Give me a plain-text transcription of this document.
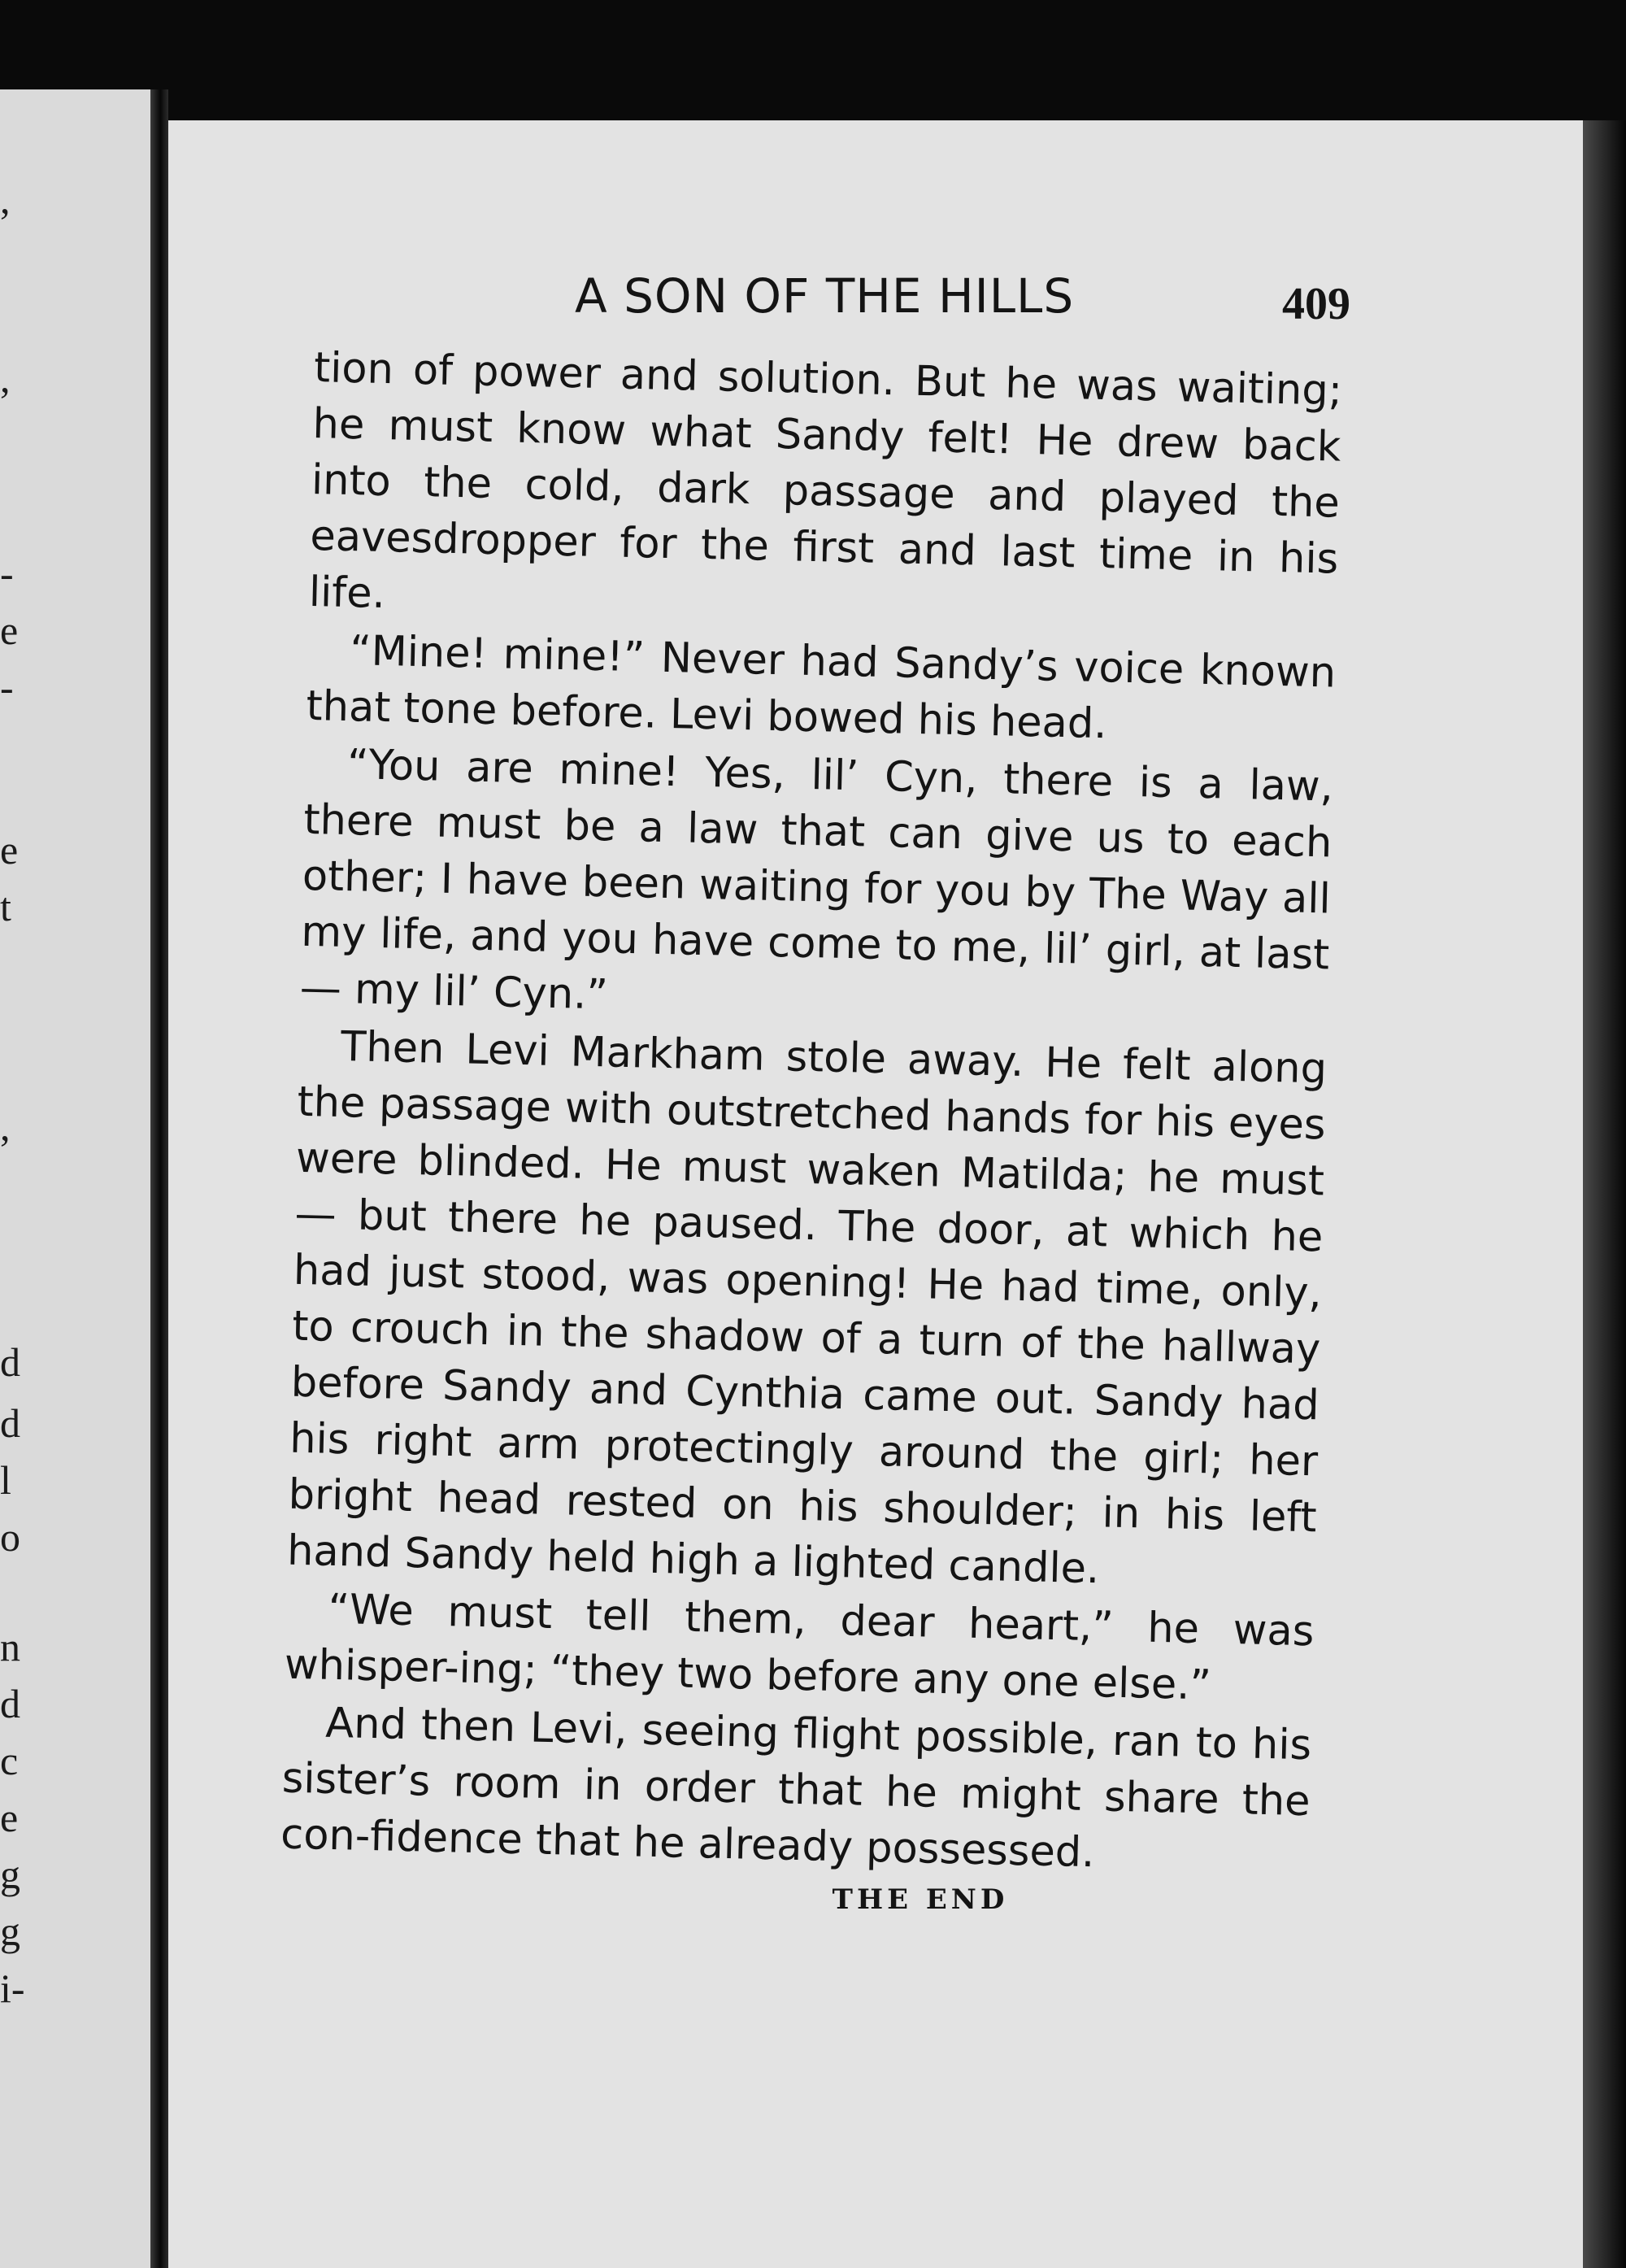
,

,

-

e

-

e

t

,

d

d

l

o

n

d

c

e

g

g

i-

A SON OF THE HILLS	409

tion of power and solution. But he was waiting; he must know what Sandy felt! He drew back into the cold, dark passage and played the eavesdropper for the first and last time in his life.

“Mine! mine!” Never had Sandy’s voice known that tone before. Levi bowed his head.

“You are mine! Yes, lil’ Cyn, there is a law, there must be a law that can give us to each other; I have been waiting for you by The Way all my life, and you have come to me, lil’ girl, at last — my lil’ Cyn.”

Then Levi Markham stole away. He felt along the passage with outstretched hands for his eyes were blinded. He must waken Matilda; he must — but there he paused. The door, at which he had just stood, was opening! He had time, only, to crouch in the shadow of a turn of the hallway before Sandy and Cynthia came out. Sandy had his right arm protectingly around the girl; her bright head rested on his shoulder; in his left hand Sandy held high a lighted candle.

“We must tell them, dear heart,” he was whisper-ing; “they two before any one else.”

And then Levi, seeing flight possible, ran to his sister’s room in order that he might share the con-fidence that he already possessed.

THE END
